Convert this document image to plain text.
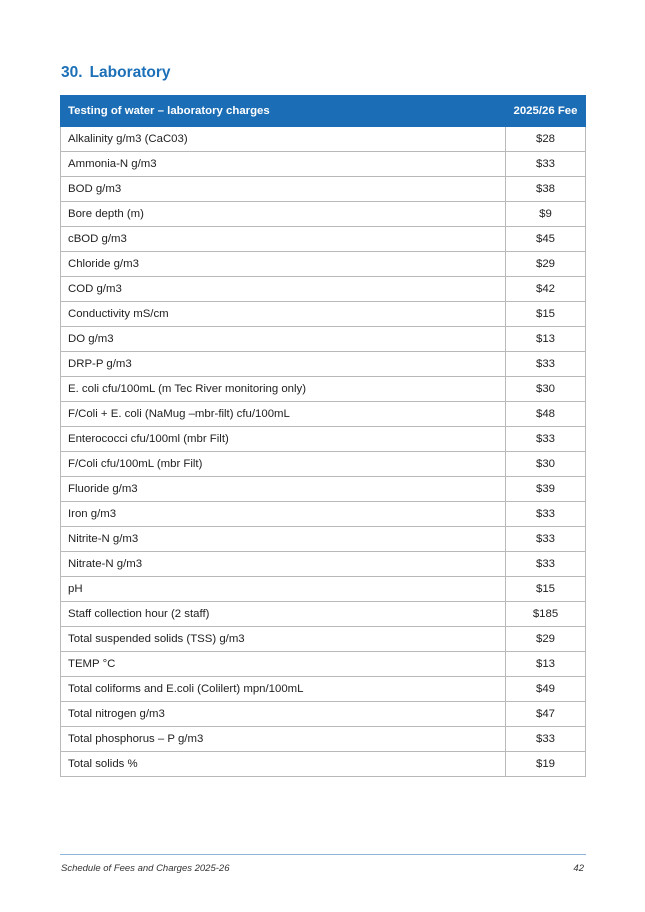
30. Laboratory
Testing of water – laboratory charges	2025/26 Fee
Alkalinity g/m3 (CaC03)	$28
Ammonia-N g/m3	$33
BOD g/m3	$38
Bore depth (m)	$9
cBOD g/m3	$45
Chloride g/m3	$29
COD g/m3	$42
Conductivity mS/cm	$15
DO g/m3	$13
DRP-P g/m3	$33
E. coli cfu/100mL (m Tec River monitoring only)	$30
F/Coli + E. coli (NaMug –mbr-filt) cfu/100mL	$48
Enterococci cfu/100ml (mbr Filt)	$33
F/Coli cfu/100mL (mbr Filt)	$30
Fluoride g/m3	$39
Iron g/m3	$33
Nitrite-N g/m3	$33
Nitrate-N g/m3	$33
pH	$15
Staff collection hour (2 staff)	$185
Total suspended solids (TSS) g/m3	$29
TEMP °C	$13
Total coliforms and E.coli (Colilert) mpn/100mL	$49
Total nitrogen g/m3	$47
Total phosphorus – P g/m3	$33
Total solids %	$19
Schedule of Fees and Charges 2025-26	42
